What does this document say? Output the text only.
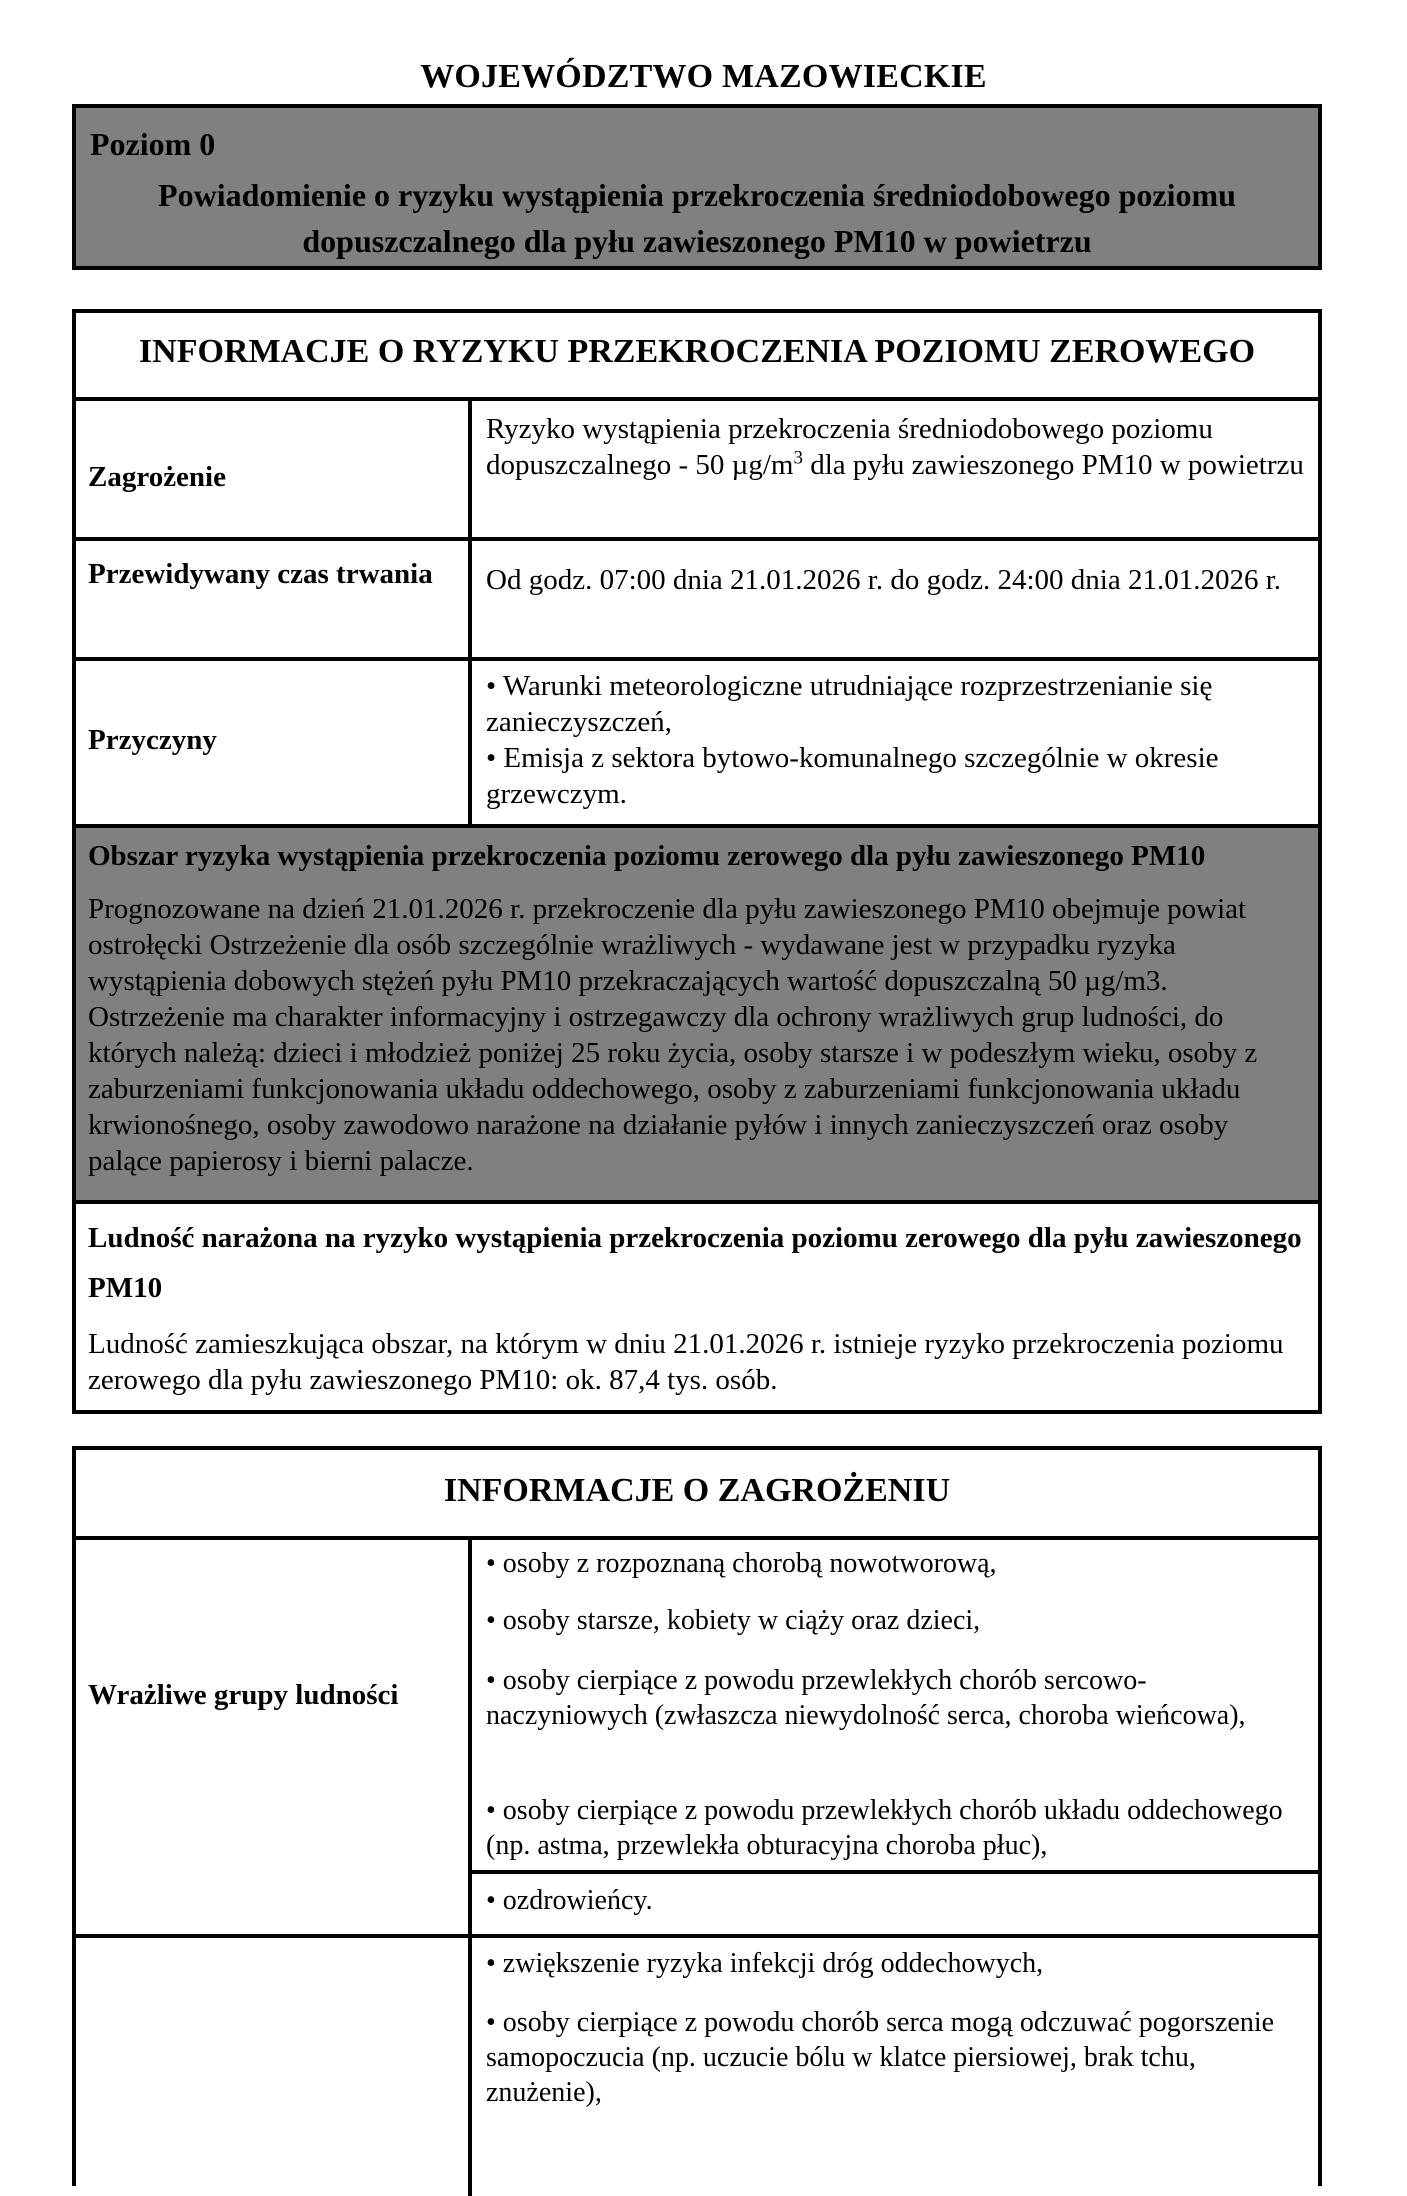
WOJEWÓDZTWO MAZOWIECKIE
Poziom 0
Powiadomienie o ryzyku wystąpienia przekroczenia średniodobowego poziomu
dopuszczalnego dla pyłu zawieszonego PM10 w powietrzu
INFORMACJE O RYZYKU PRZEKROCZENIA POZIOMU ZEROWEGO
Zagrożenie
Ryzyko wystąpienia przekroczenia średniodobowego poziomu dopuszczalnego - 50 $\mu g/m^3$ dla pyłu zawieszonego PM10 w powietrzu
Przewidywany czas trwania	Od godz. 07:00 dnia 21.01.2026 r. do godz. 24:00 dnia 21.01.2026 r.
Przyczyny

• Warunki meteorologiczne utrudniające rozprzestrzenianie się zanieczyszczeń,

• Emisja z sektora bytowo-komunalnego szczególnie w okresie grzewczym.

Obszar ryzyka wystąpienia przekroczenia poziomu zerowego dla pyłu zawieszonego PM10
Prognozowane na dzień 21.01.2026 r. przekroczenie dla pyłu zawieszonego PM10 obejmuje powiat ostrołęcki Ostrzeżenie dla osób szczególnie wrażliwych - wydawane jest w przypadku ryzyka wystąpienia dobowych stężeń pyłu PM10 przekraczających wartość dopuszczalną 50 µg/m3. Ostrzeżenie ma charakter informacyjny i ostrzegawczy dla ochrony wrażliwych grup ludności, do których należą: dzieci i młodzież poniżej 25 roku życia, osoby starsze i w podeszłym wieku, osoby z zaburzeniami funkcjonowania układu oddechowego, osoby z zaburzeniami funkcjonowania układu krwionośnego, osoby zawodowo narażone na działanie pyłów i innych zanieczyszczeń oraz osoby palące papierosy i bierni palacze.
Ludność narażona na ryzyko wystąpienia przekroczenia poziomu zerowego dla pyłu zawieszonego PM10
Ludność zamieszkująca obszar, na którym w dniu 21.01.2026 r. istnieje ryzyko przekroczenia poziomu zerowego dla pyłu zawieszonego PM10: ok. 87,4 tys. osób.
INFORMACJE O ZAGROŻENIU
Wrażliwe grupy ludności
• osoby z rozpoznaną chorobą nowotworową,
• osoby starsze, kobiety w ciąży oraz dzieci,
• osoby cierpiące z powodu przewlekłych chorób sercowo-naczyniowych (zwłaszcza niewydolność serca, choroba wieńcowa),
• osoby cierpiące z powodu przewlekłych chorób układu oddechowego (np. astma, przewlekła obturacyjna choroba płuc),
• ozdrowieńcy.
• zwiększenie ryzyka infekcji dróg oddechowych,
• osoby cierpiące z powodu chorób serca mogą odczuwać pogorszenie samopoczucia (np. uczucie bólu w klatce piersiowej, brak tchu, znużenie),
